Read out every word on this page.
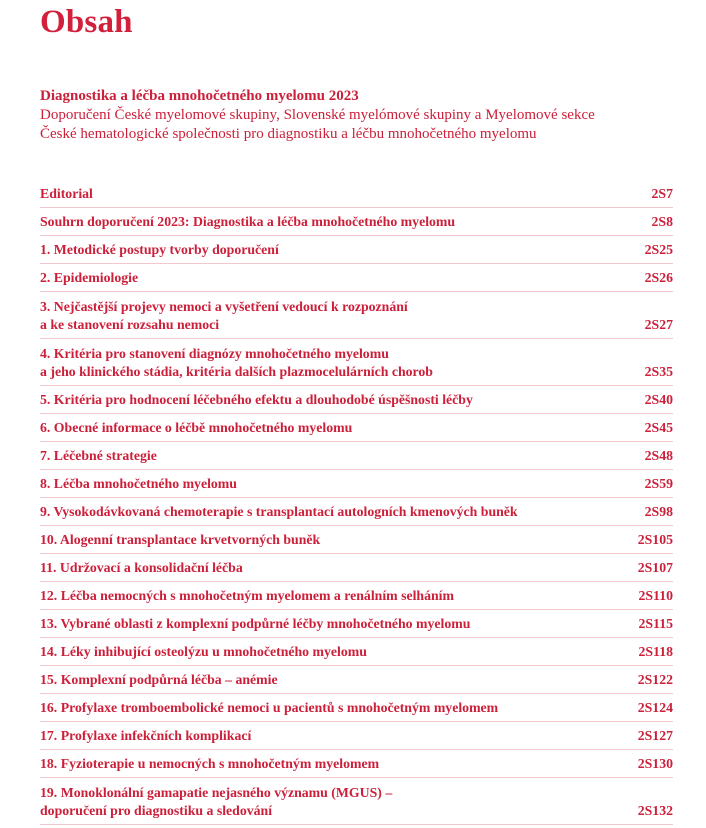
Obsah
Diagnostika a léčba mnohočetného myelomu 2023
Doporučení České myelomové skupiny, Slovenské myelómové skupiny a Myelomové sekce
České hematologické společnosti pro diagnostiku a léčbu mnohočetného myelomu
Editorial	2S7
Souhrn doporučení 2023: Diagnostika a léčba mnohočetného myelomu	2S8
1. Metodické postupy tvorby doporučení	2S25
2. Epidemiologie	2S26
3. Nejčastější projevy nemoci a vyšetření vedoucí k rozpoznání
a ke stanovení rozsahu nemoci	2S27
4. Kritéria pro stanovení diagnózy mnohočetného myelomu
a jeho klinického stádia, kritéria dalších plazmocelulárních chorob	2S35
5. Kritéria pro hodnocení léčebného efektu a dlouhodobé úspěšnosti léčby	2S40
6. Obecné informace o léčbě mnohočetného myelomu	2S45
7. Léčebné strategie	2S48
8. Léčba mnohočetného myelomu	2S59
9. Vysokodávkovaná chemoterapie s transplantací autologních kmenových buněk	2S98
10. Alogenní transplantace krvetvorných buněk	2S105
11. Udržovací a konsolidační léčba	2S107
12. Léčba nemocných s mnohočetným myelomem a renálním selháním	2S110
13. Vybrané oblasti z komplexní podpůrné léčby mnohočetného myelomu	2S115
14. Léky inhibující osteolýzu u mnohočetného myelomu	2S118
15. Komplexní podpůrná léčba – anémie	2S122
16. Profylaxe tromboembolické nemoci u pacientů s mnohočetným myelomem	2S124
17. Profylaxe infekčních komplikací	2S127
18. Fyzioterapie u nemocných s mnohočetným myelomem	2S130
19. Monoklonální gamapatie nejasného významu (MGUS) –
doporučení pro diagnostiku a sledování	2S132
